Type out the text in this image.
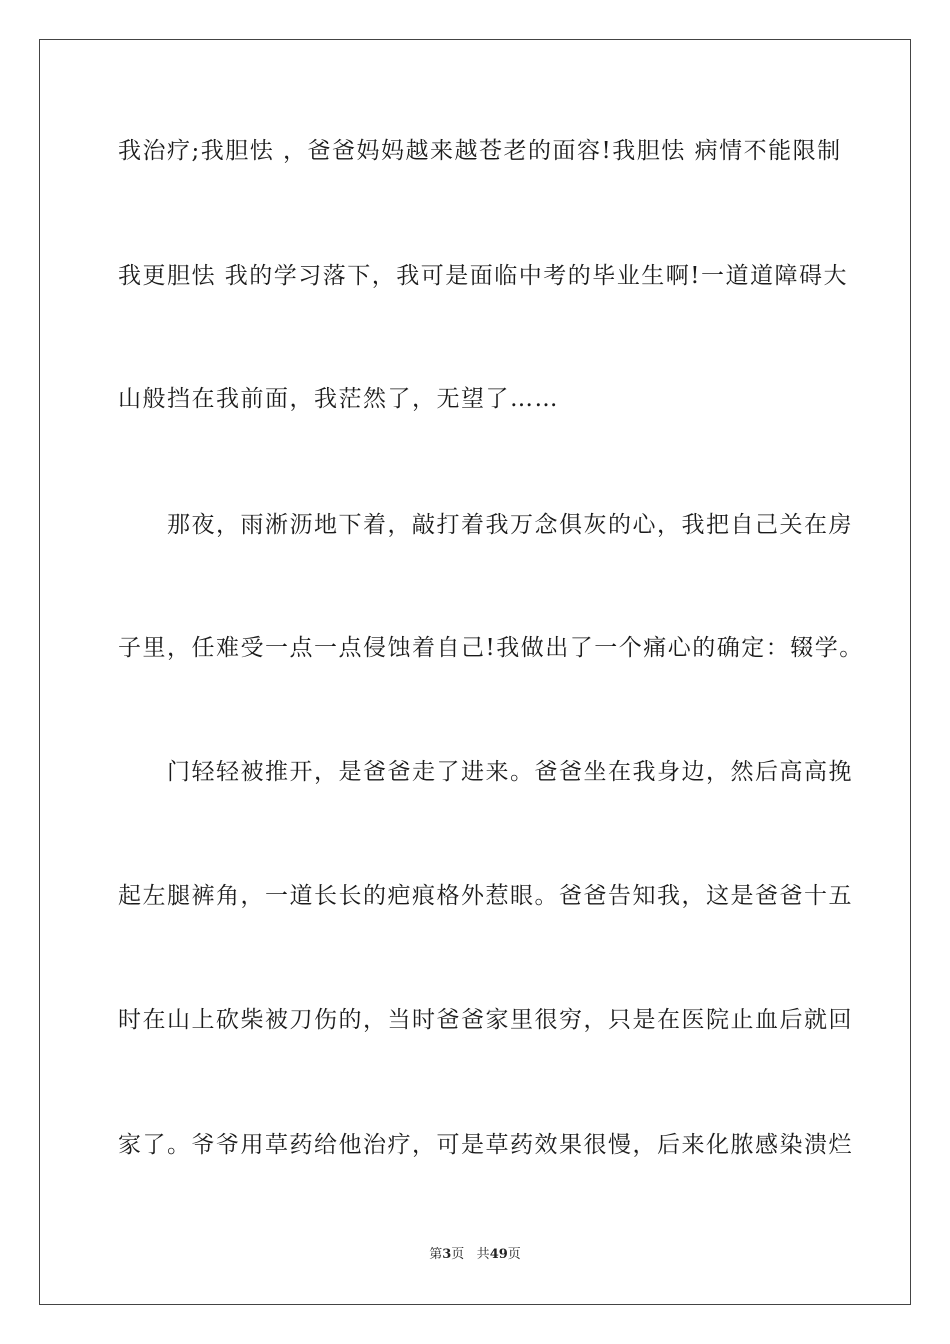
我治疗;我胆怯 ，爸爸妈妈越来越苍老的面容!我胆怯 病情不能限制
我更胆怯 我的学习落下，我可是面临中考的毕业生啊!一道道障碍大
山般挡在我前面，我茫然了，无望了……
　　那夜，雨淅沥地下着，敲打着我万念俱灰的心，我把自己关在房
子里，任难受一点一点侵蚀着自己!我做出了一个痛心的确定：辍学。
　　门轻轻被推开，是爸爸走了进来。爸爸坐在我身边，然后高高挽
起左腿裤角，一道长长的疤痕格外惹眼。爸爸告知我，这是爸爸十五
时在山上砍柴被刀伤的，当时爸爸家里很穷，只是在医院止血后就回
家了。爷爷用草药给他治疗，可是草药效果很慢，后来化脓感染溃烂
第3页 共49页
